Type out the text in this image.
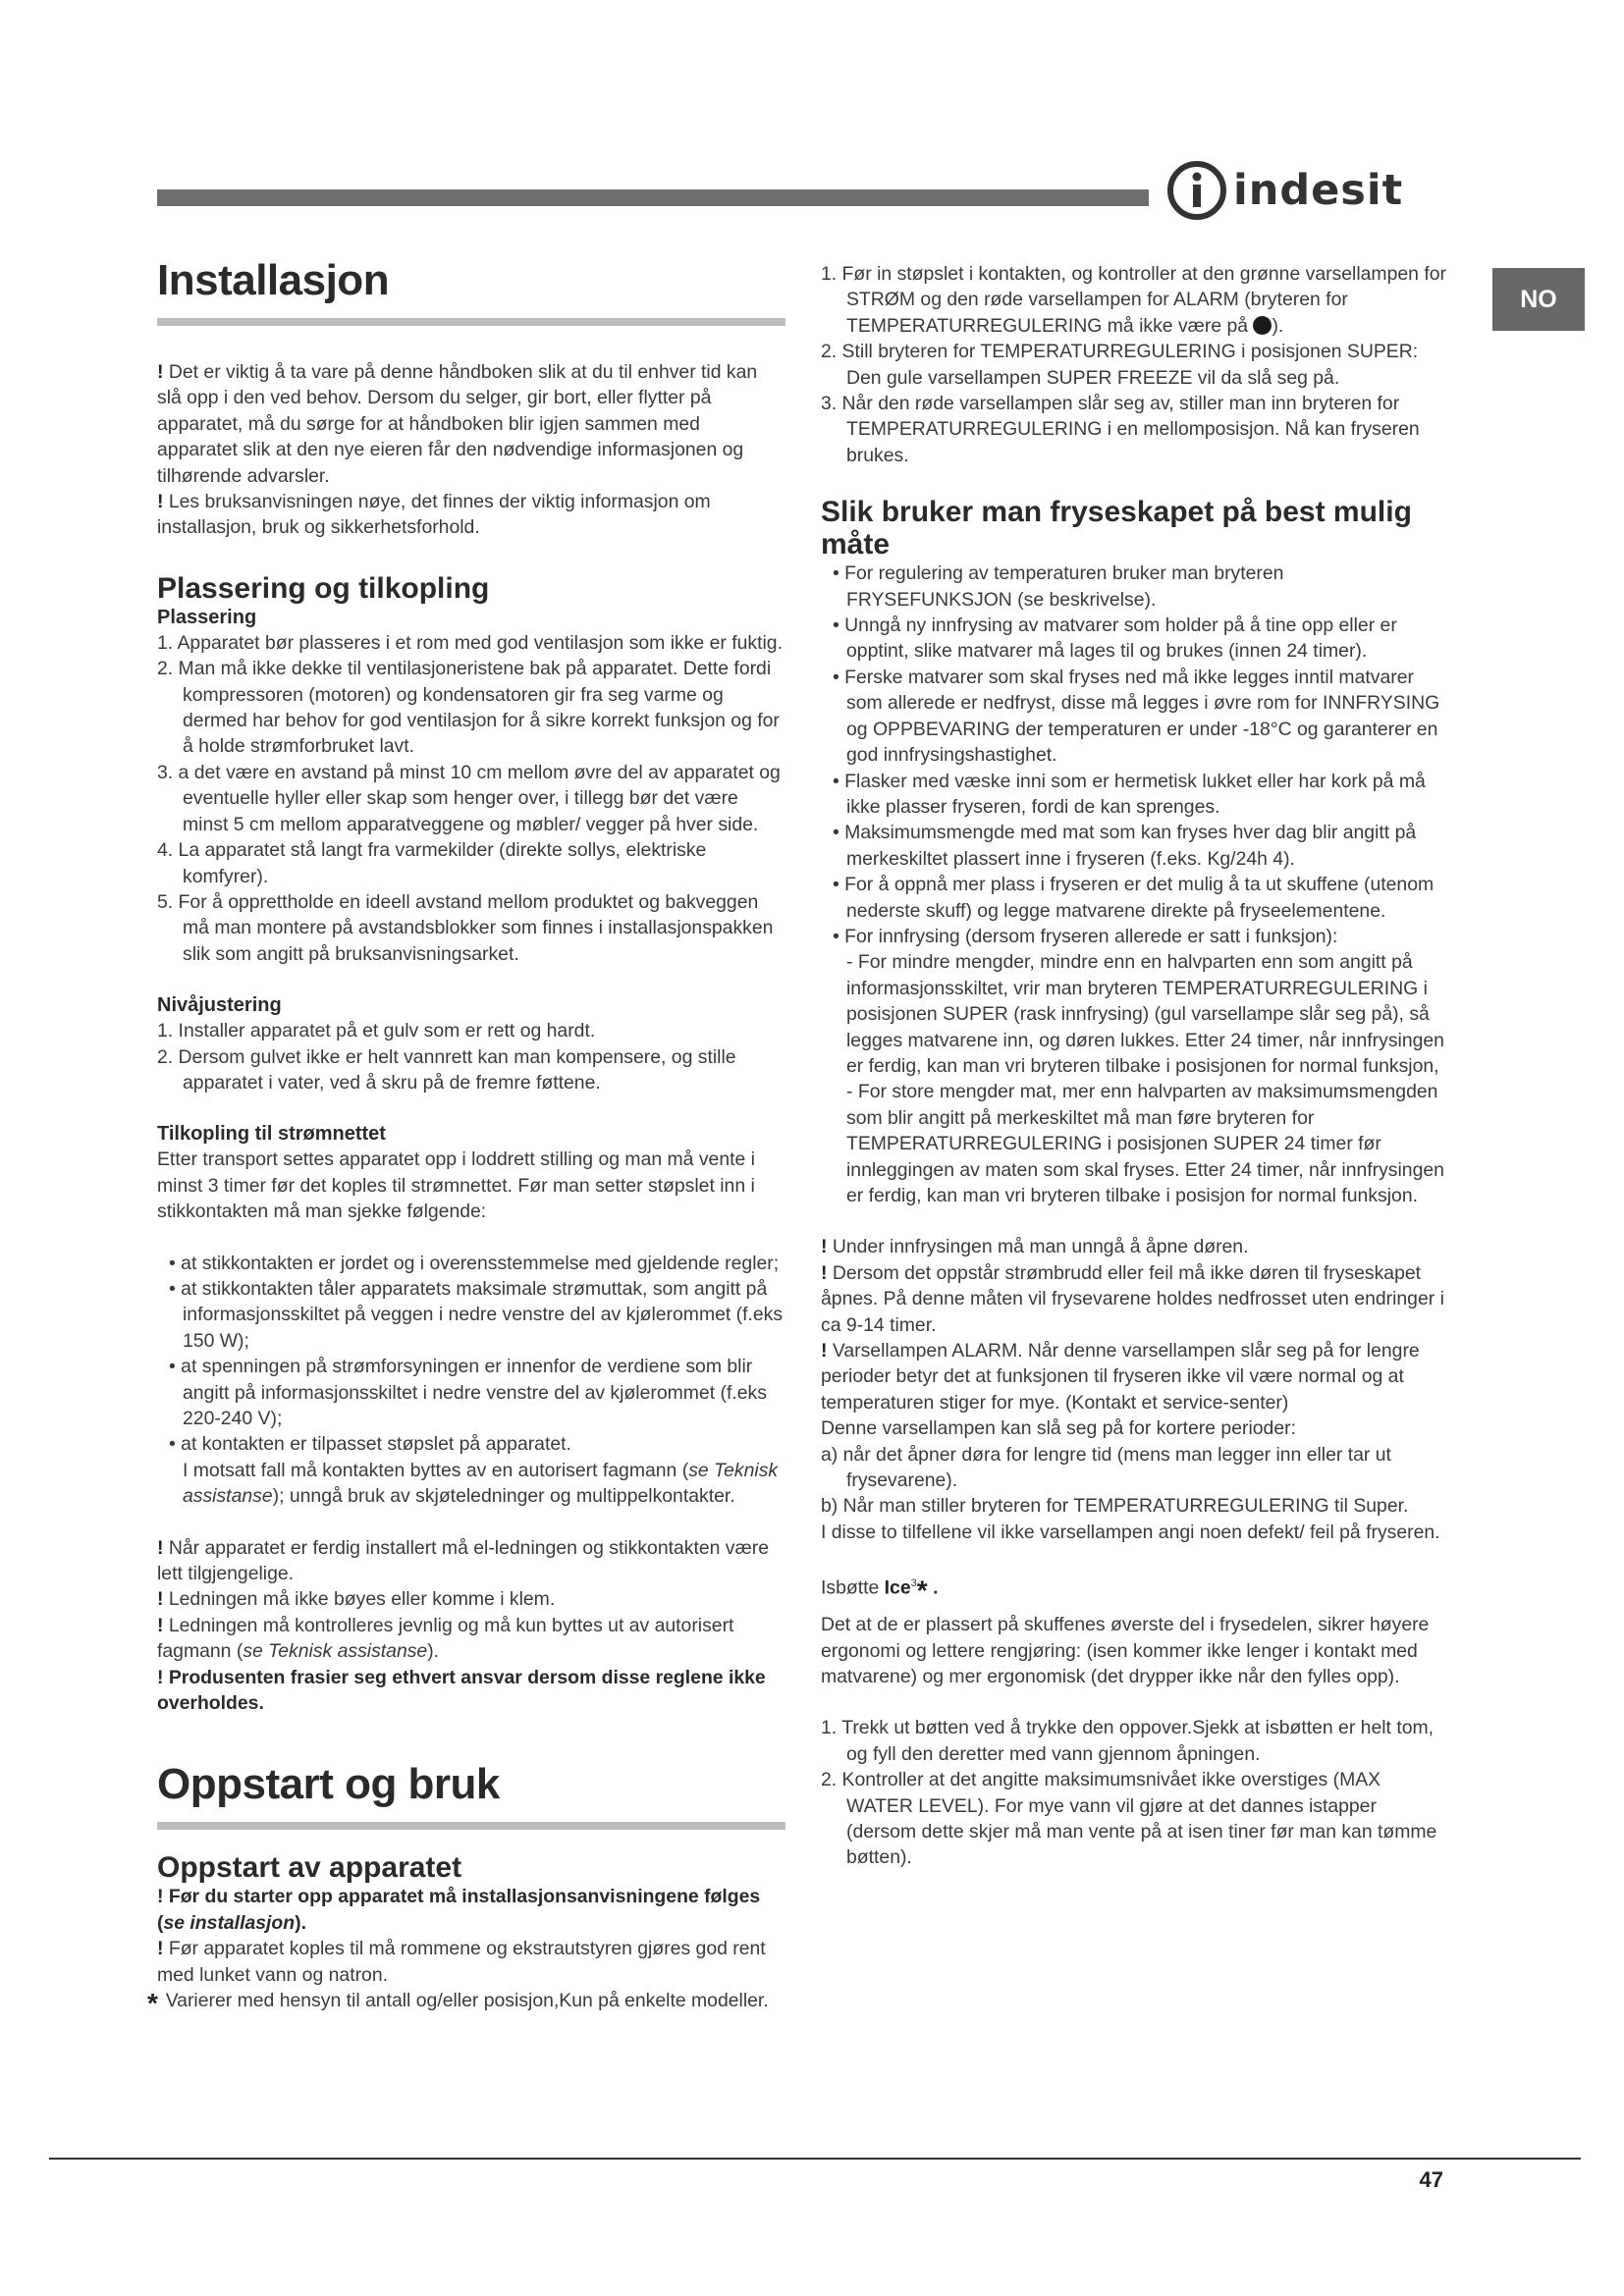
indesit
NO
Installasjon

! Det er viktig å ta vare på denne håndboken slik at du til enhver tid kan slå opp i den ved behov. Dersom du selger, gir bort, eller flytter på apparatet, må du sørge for at håndboken blir igjen sammen med apparatet slik at den nye eieren får den nødvendige informasjonen og tilhørende advarsler.

! Les bruksanvisningen nøye, det finnes der viktig informasjon om installasjon, bruk og sikkerhetsforhold.

Plassering og tilkopling
Plassering

1. Apparatet bør plasseres i et rom med god ventilasjon som ikke er fuktig.

2. Man må ikke dekke til ventilasjoneristene bak på apparatet. Dette fordi kompressoren (motoren) og kondensatoren gir fra seg varme og dermed har behov for god ventilasjon for å sikre korrekt funksjon og for å holde strømforbruket lavt.

3. a det være en avstand på minst 10 cm mellom øvre del av apparatet og eventuelle hyller eller skap som henger over, i tillegg bør det være minst 5 cm mellom apparatveggene og møbler/ vegger på hver side.

4. La apparatet stå langt fra varmekilder (direkte sollys, elektriske komfyrer).

5. For å opprettholde en ideell avstand mellom produktet og bakveggen må man montere på avstandsblokker som finnes i installasjonspakken slik som angitt på bruksanvisningsarket.

Nivåjustering

1. Installer apparatet på et gulv som er rett og hardt.

2. Dersom gulvet ikke er helt vannrett kan man kompensere, og stille apparatet i vater, ved å skru på de fremre føttene.

Tilkopling til strømnettet

Etter transport settes apparatet opp i loddrett stilling og man må vente i minst 3 timer før det koples til strømnettet. Før man setter støpslet inn i stikkontakten må man sjekke følgende:

• at stikkontakten er jordet og i overensstemmelse med gjeldende regler;

• at stikkontakten tåler apparatets maksimale strømuttak, som angitt på informasjonsskiltet på veggen i nedre venstre del av kjølerommet (f.eks 150 W);

• at spenningen på strømforsyningen er innenfor de verdiene som blir angitt på informasjonsskiltet i nedre venstre del av kjølerommet (f.eks 220-240 V);

• at kontakten er tilpasset støpslet på apparatet.

I motsatt fall må kontakten byttes av en autorisert fagmann (se Teknisk assistanse); unngå bruk av skjøteledninger og multippelkontakter.

! Når apparatet er ferdig installert må el-ledningen og stikkontakten være lett tilgjengelige.

! Ledningen må ikke bøyes eller komme i klem.

! Ledningen må kontrolleres jevnlig og må kun byttes ut av autorisert fagmann (se Teknisk assistanse).

! Produsenten frasier seg ethvert ansvar dersom disse reglene ikke overholdes.

Oppstart og bruk
Oppstart av apparatet

! Før du starter opp apparatet må installasjonsanvisningene følges (se installasjon).

! Før apparatet koples til må rommene og ekstrautstyren gjøres god rent med lunket vann og natron.

* Varierer med hensyn til antall og/eller posisjon,Kun på enkelte modeller.

1. Før in støpslet i kontakten, og kontroller at den grønne varsellampen for STRØM og den røde varsellampen for ALARM (bryteren for TEMPERATURREGULERING må ikke være på ).

2. Still bryteren for TEMPERATURREGULERING i posisjonen SUPER: Den gule varsellampen SUPER FREEZE vil da slå seg på.

3. Når den røde varsellampen slår seg av, stiller man inn bryteren for TEMPERATURREGULERING i en mellomposisjon. Nå kan fryseren brukes.

Slik bruker man fryseskapet på best mulig måte

• For regulering av temperaturen bruker man bryteren FRYSEFUNKSJON (se beskrivelse).

• Unngå ny innfrysing av matvarer som holder på å tine opp eller er opptint, slike matvarer må lages til og brukes (innen 24 timer).

• Ferske matvarer som skal fryses ned må ikke legges inntil matvarer som allerede er nedfryst, disse må legges i øvre rom for INNFRYSING og OPPBEVARING der temperaturen er under -18°C og garanterer en god innfrysingshastighet.

• Flasker med væske inni som er hermetisk lukket eller har kork på må ikke plasser fryseren, fordi de kan sprenges.

• Maksimumsmengde med mat som kan fryses hver dag blir angitt på merkeskiltet plassert inne i fryseren (f.eks. Kg/24h 4).

• For å oppnå mer plass i fryseren er det mulig å ta ut skuffene (utenom nederste skuff) og legge matvarene direkte på fryseelementene.

• For innfrysing (dersom fryseren allerede er satt i funksjon):

- For mindre mengder, mindre enn en halvparten enn som angitt på informasjonsskiltet, vrir man bryteren TEMPERATURREGULERING i posisjonen SUPER (rask innfrysing) (gul varsellampe slår seg på), så legges matvarene inn, og døren lukkes. Etter 24 timer, når innfrysingen er ferdig, kan man vri bryteren tilbake i posisjonen for normal funksjon,

- For store mengder mat, mer enn halvparten av maksimumsmengden som blir angitt på merkeskiltet må man føre bryteren for TEMPERATURREGULERING i posisjonen SUPER 24 timer før innleggingen av maten som skal fryses. Etter 24 timer, når innfrysingen er ferdig, kan man vri bryteren tilbake i posisjon for normal funksjon.

! Under innfrysingen må man unngå å åpne døren.

! Dersom det oppstår strømbrudd eller feil må ikke døren til fryseskapet åpnes. På denne måten vil frysevarene holdes nedfrosset uten endringer i ca 9-14 timer.

! Varsellampen ALARM. Når denne varsellampen slår seg på for lengre perioder betyr det at funksjonen til fryseren ikke vil være normal og at temperaturen stiger for mye. (Kontakt et service-senter)

Denne varsellampen kan slå seg på for kortere perioder:

a) når det åpner døra for lengre tid (mens man legger inn eller tar ut frysevarene).

b) Når man stiller bryteren for TEMPERATURREGULERING til Super.

I disse to tilfellene vil ikke varsellampen angi noen defekt/ feil på fryseren.

Isbøtte Ice$^3$* .

Det at de er plassert på skuffenes øverste del i frysedelen, sikrer høyere ergonomi og lettere rengjøring: (isen kommer ikke lenger i kontakt med matvarene) og mer ergonomisk (det drypper ikke når den fylles opp).

1. Trekk ut bøtten ved å trykke den oppover.Sjekk at isbøtten er helt tom, og fyll den deretter med vann gjennom åpningen.

2. Kontroller at det angitte maksimumsnivået ikke overstiges (MAX WATER LEVEL). For mye vann vil gjøre at det dannes istapper (dersom dette skjer må man vente på at isen tiner før man kan tømme bøtten).

47
